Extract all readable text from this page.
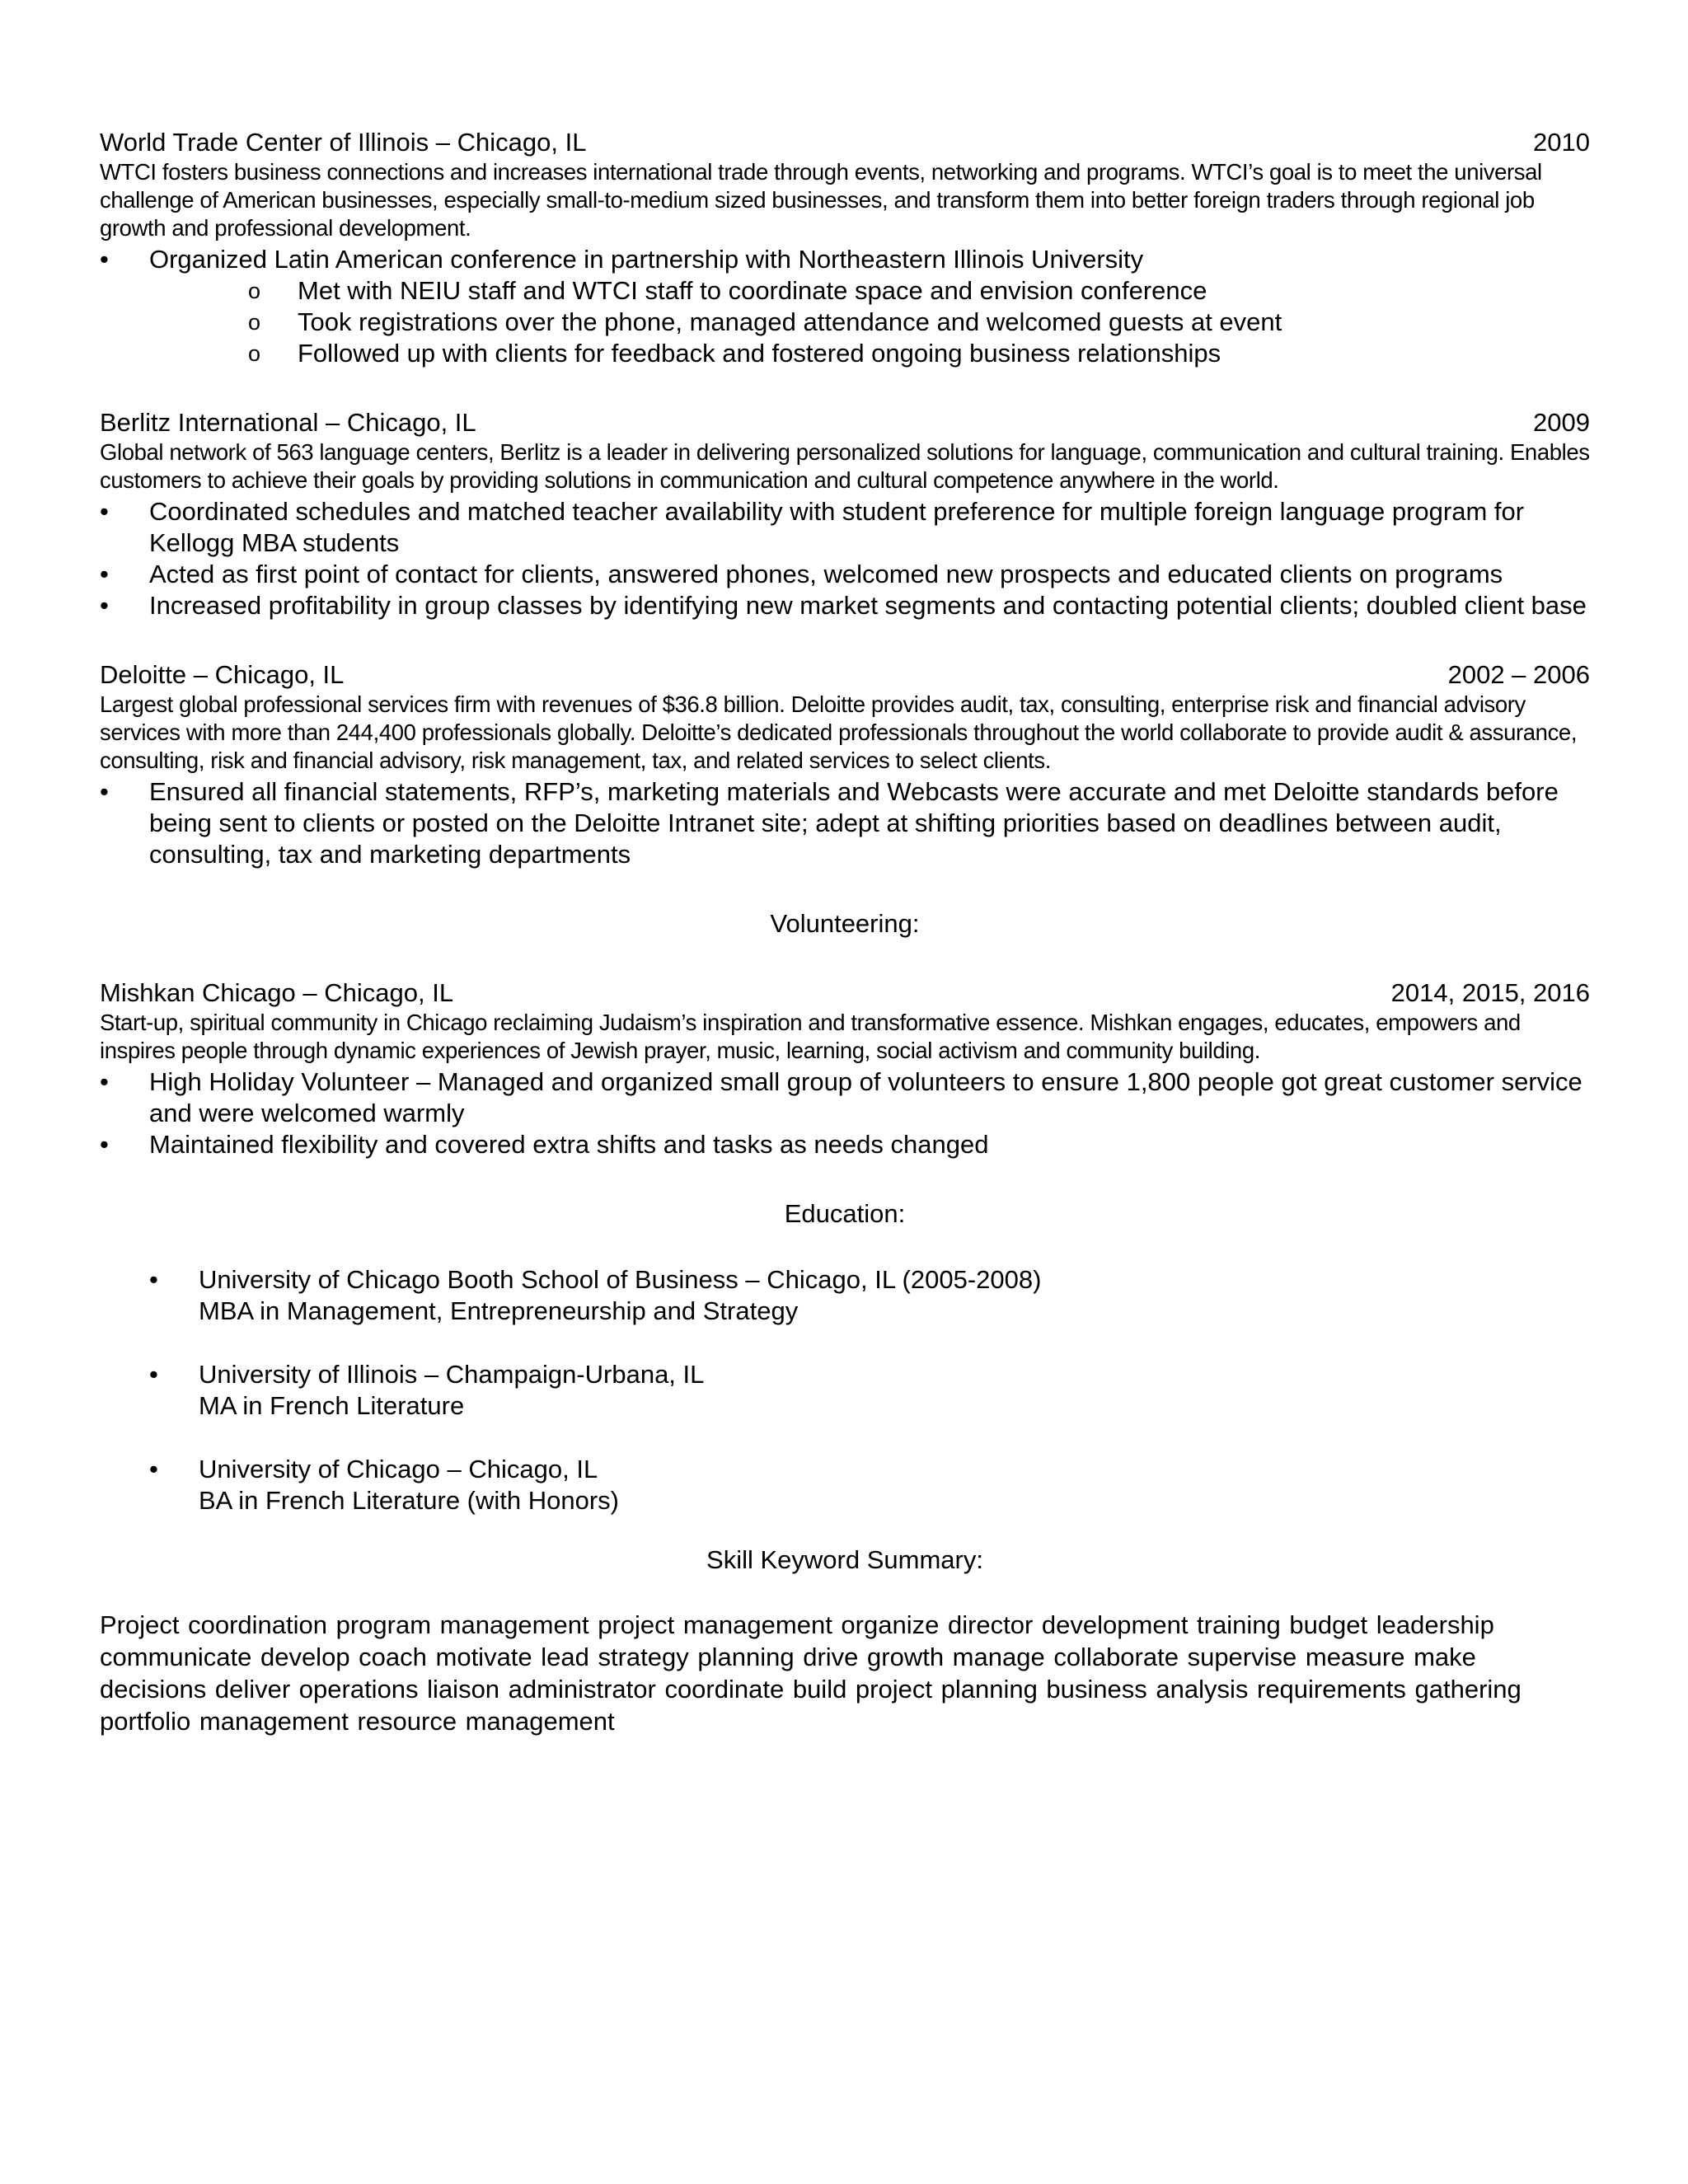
World Trade Center of Illinois – Chicago, IL	2010
WTCI fosters business connections and increases international trade through events, networking and programs. WTCI’s goal is to meet the universal challenge of American businesses, especially small-to-medium sized businesses, and transform them into better foreign traders through regional job growth and professional development.
• Organized Latin American conference in partnership with Northeastern Illinois University
o Met with NEIU staff and WTCI staff to coordinate space and envision conference
o Took registrations over the phone, managed attendance and welcomed guests at event
o Followed up with clients for feedback and fostered ongoing business relationships
Berlitz International – Chicago, IL	2009
Global network of 563 language centers, Berlitz is a leader in delivering personalized solutions for language, communication and cultural training. Enables customers to achieve their goals by providing solutions in communication and cultural competence anywhere in the world.
• Coordinated schedules and matched teacher availability with student preference for multiple foreign language program for Kellogg MBA students
• Acted as first point of contact for clients, answered phones, welcomed new prospects and educated clients on programs
• Increased profitability in group classes by identifying new market segments and contacting potential clients; doubled client base
Deloitte – Chicago, IL	2002 – 2006
Largest global professional services firm with revenues of $36.8 billion. Deloitte provides audit, tax, consulting, enterprise risk and financial advisory services with more than 244,400 professionals globally. Deloitte’s dedicated professionals throughout the world collaborate to provide audit & assurance, consulting, risk and financial advisory, risk management, tax, and related services to select clients.
• Ensured all financial statements, RFP’s, marketing materials and Webcasts were accurate and met Deloitte standards before being sent to clients or posted on the Deloitte Intranet site; adept at shifting priorities based on deadlines between audit, consulting, tax and marketing departments
Volunteering:
Mishkan Chicago – Chicago, IL	2014, 2015, 2016
Start-up, spiritual community in Chicago reclaiming Judaism’s inspiration and transformative essence. Mishkan engages, educates, empowers and inspires people through dynamic experiences of Jewish prayer, music, learning, social activism and community building.
• High Holiday Volunteer – Managed and organized small group of volunteers to ensure 1,800 people got great customer service and were welcomed warmly
• Maintained flexibility and covered extra shifts and tasks as needs changed
Education:
• University of Chicago Booth School of Business – Chicago, IL (2005-2008)
MBA in Management, Entrepreneurship and Strategy
• University of Illinois – Champaign-Urbana, IL
MA in French Literature
• University of Chicago – Chicago, IL
BA in French Literature (with Honors)
Skill Keyword Summary:
Project coordination program management project management organize director development training budget leadership communicate develop coach motivate lead strategy planning drive growth manage collaborate supervise measure make decisions deliver operations liaison administrator coordinate build project planning business analysis requirements gathering portfolio management resource management
